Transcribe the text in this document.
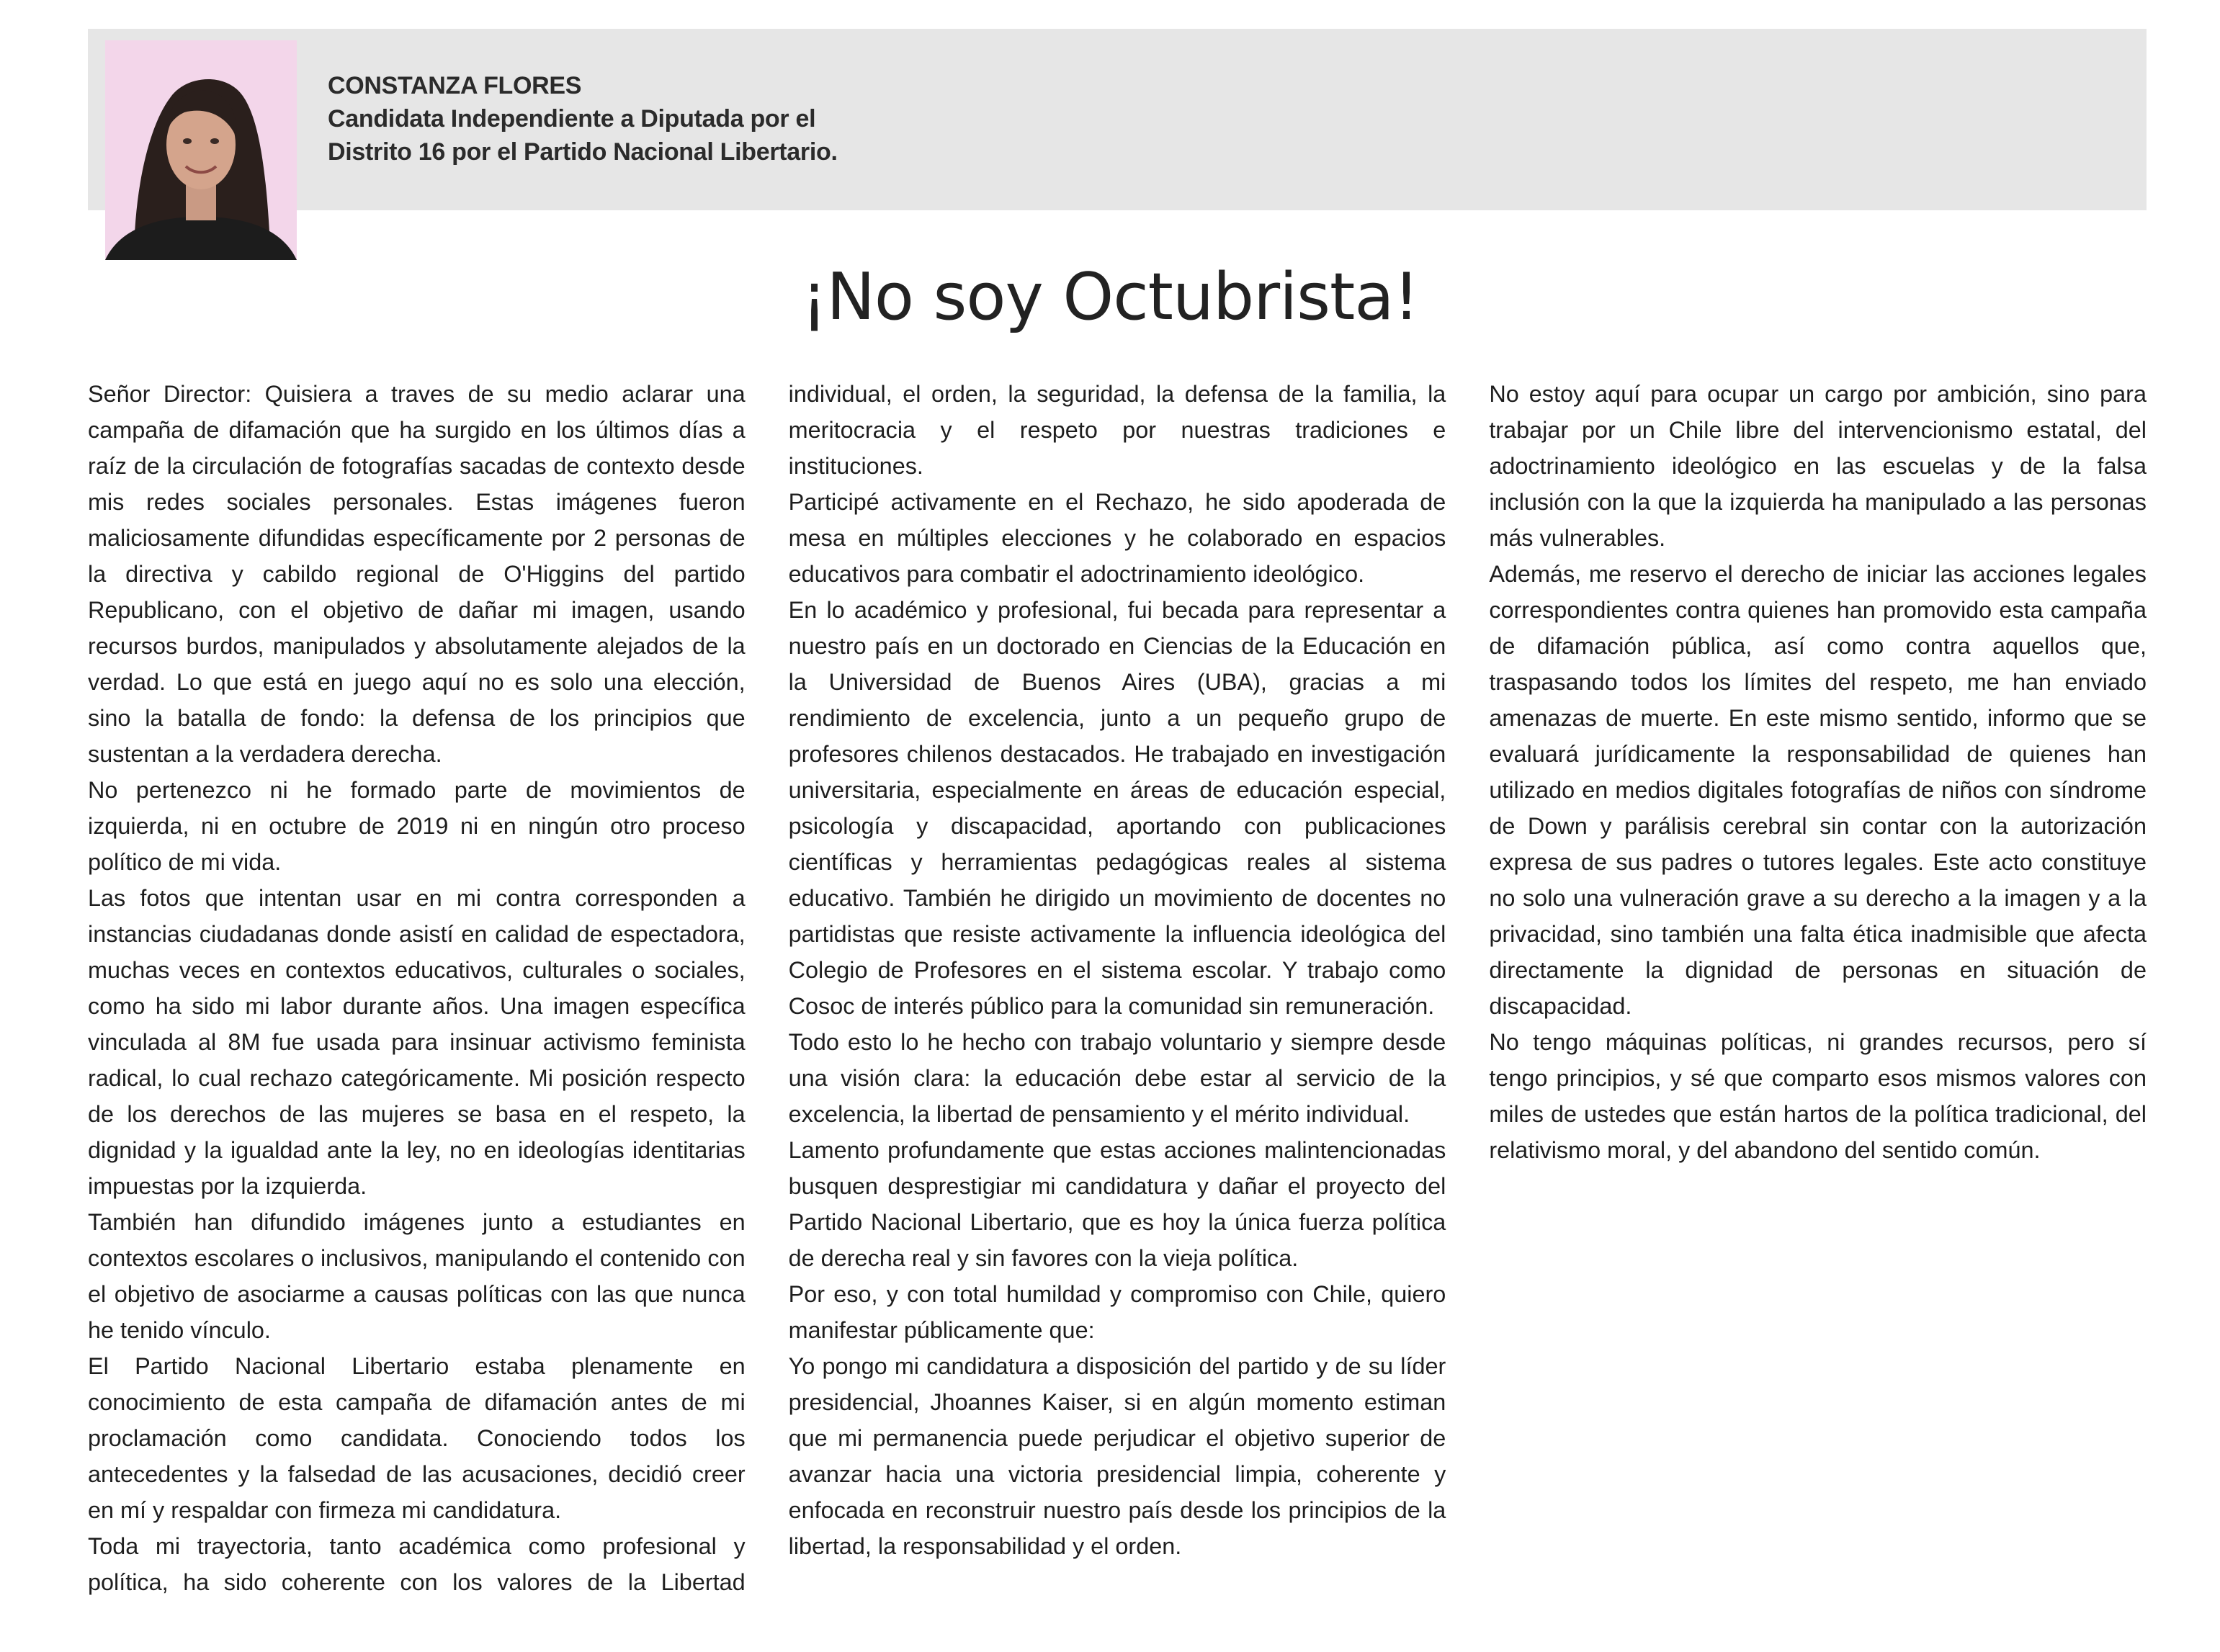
CONSTANZA FLORES
Candidata Independiente a Diputada por el
Distrito 16 por el Partido Nacional Libertario.
¡No soy Octubrista!

Señor Director: Quisiera a traves de su medio aclarar una campaña de difamación que ha surgido en los últimos días a raíz de la circulación de fotografías sacadas de contexto desde mis redes sociales personales. Estas imágenes fueron maliciosamente difundidas específicamente por 2 personas de la directiva y cabildo regional de O'Higgins del partido Republicano, con el objetivo de dañar mi imagen, usando recursos burdos, manipulados y absolutamente alejados de la verdad. Lo que está en juego aquí no es solo una elección, sino la batalla de fondo: la defensa de los principios que sustentan a la verdadera derecha.

No pertenezco ni he formado parte de movimientos de izquierda, ni en octubre de 2019 ni en ningún otro proceso político de mi vida.

Las fotos que intentan usar en mi contra corresponden a instancias ciudadanas donde asistí en calidad de espectadora, muchas veces en contextos educativos, culturales o sociales, como ha sido mi labor durante años. Una imagen específica vinculada al 8M fue usada para insinuar activismo feminista radical, lo cual rechazo categóricamente. Mi posición respecto de los derechos de las mujeres se basa en el respeto, la dignidad y la igualdad ante la ley, no en ideologías identitarias impuestas por la izquierda.

También han difundido imágenes junto a estudiantes en contextos escolares o inclusivos, manipulando el contenido con el objetivo de asociarme a causas políticas con las que nunca he tenido vínculo.

El Partido Nacional Libertario estaba plenamente en conocimiento de esta campaña de difamación antes de mi proclamación como candidata. Conociendo todos los antecedentes y la falsedad de las acusaciones, decidió creer en mí y respaldar con firmeza mi candidatura.

Toda mi trayectoria, tanto académica como profesional y política, ha sido coherente con los valores de la Libertad individual, el orden, la seguridad, la defensa de la familia, la meritocracia y el respeto por nuestras tradiciones e instituciones.

Participé activamente en el Rechazo, he sido apoderada de mesa en múltiples elecciones y he colaborado en espacios educativos para combatir el adoctrinamiento ideológico.

En lo académico y profesional, fui becada para representar a nuestro país en un doctorado en Ciencias de la Educación en la Universidad de Buenos Aires (UBA), gracias a mi rendimiento de excelencia, junto a un pequeño grupo de profesores chilenos destacados. He trabajado en investigación universitaria, especialmente en áreas de educación especial, psicología y discapacidad, aportando con publicaciones científicas y herramientas pedagógicas reales al sistema educativo. También he dirigido un movimiento de docentes no partidistas que resiste activamente la influencia ideológica del Colegio de Profesores en el sistema escolar. Y trabajo como Cosoc de interés público para la comunidad sin remuneración.

Todo esto lo he hecho con trabajo voluntario y siempre desde una visión clara: la educación debe estar al servicio de la excelencia, la libertad de pensamiento y el mérito individual.

Lamento profundamente que estas acciones malintencionadas busquen desprestigiar mi candidatura y dañar el proyecto del Partido Nacional Libertario, que es hoy la única fuerza política de derecha real y sin favores con la vieja política.

Por eso, y con total humildad y compromiso con Chile, quiero manifestar públicamente que:

Yo pongo mi candidatura a disposición del partido y de su líder presidencial, Jhoannes Kaiser, si en algún momento estiman que mi permanencia puede perjudicar el objetivo superior de avanzar hacia una victoria presidencial limpia, coherente y enfocada en reconstruir nuestro país desde los principios de la libertad, la responsabilidad y el orden.

No estoy aquí para ocupar un cargo por ambición, sino para trabajar por un Chile libre del intervencionismo estatal, del adoctrinamiento ideológico en las escuelas y de la falsa inclusión con la que la izquierda ha manipulado a las personas más vulnerables.

Además, me reservo el derecho de iniciar las acciones legales correspondientes contra quienes han promovido esta campaña de difamación pública, así como contra aquellos que, traspasando todos los límites del respeto, me han enviado amenazas de muerte. En este mismo sentido, informo que se evaluará jurídicamente la responsabilidad de quienes han utilizado en medios digitales fotografías de niños con síndrome de Down y parálisis cerebral sin contar con la autorización expresa de sus padres o tutores legales. Este acto constituye no solo una vulneración grave a su derecho a la imagen y a la privacidad, sino también una falta ética inadmisible que afecta directamente la dignidad de personas en situación de discapacidad.

No tengo máquinas políticas, ni grandes recursos, pero sí tengo principios, y sé que comparto esos mismos valores con miles de ustedes que están hartos de la política tradicional, del relativismo moral, y del abandono del sentido común.
